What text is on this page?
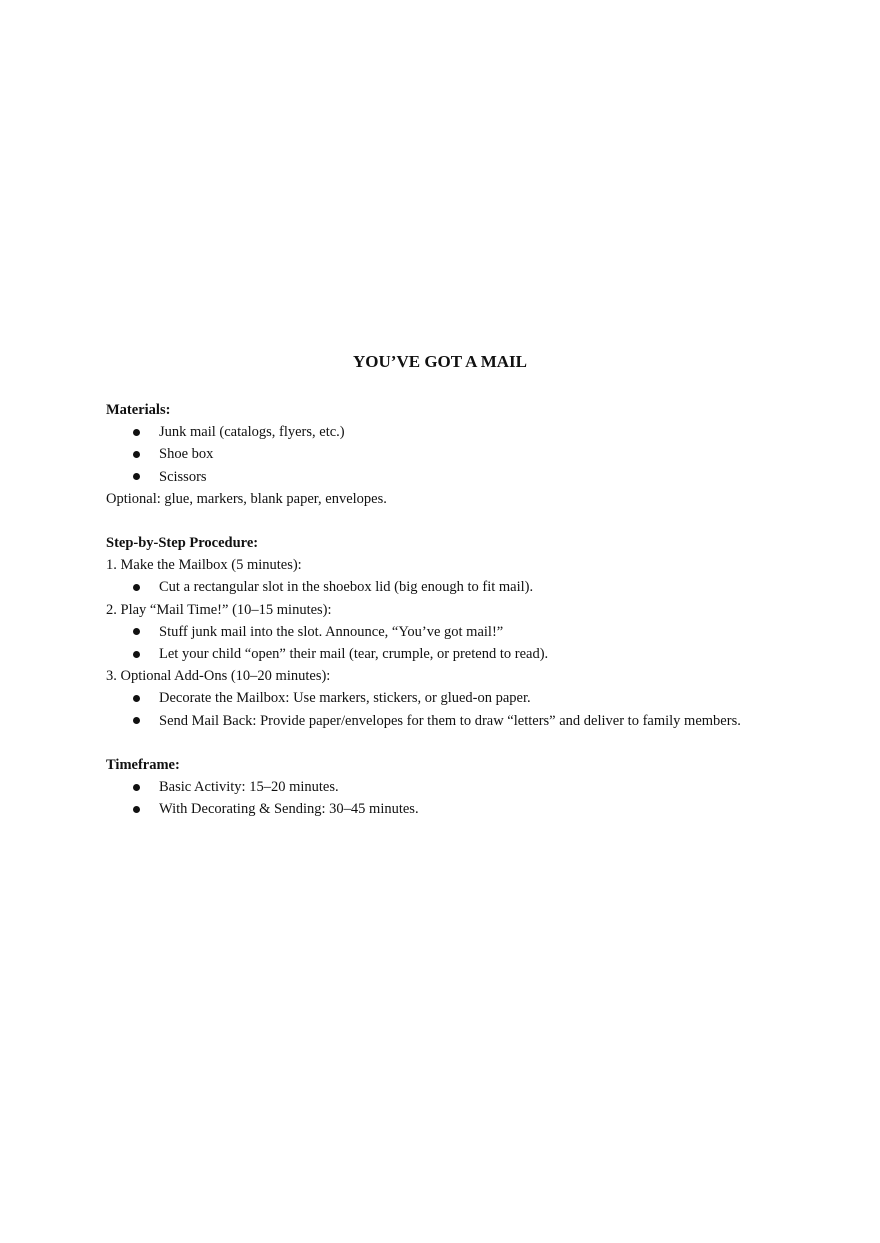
YOU’VE GOT A MAIL

Materials:

Junk mail (catalogs, flyers, etc.)
Shoe box
Scissors

Optional: glue, markers, blank paper, envelopes.

Step-by-Step Procedure:

1. Make the Mailbox (5 minutes):

Cut a rectangular slot in the shoebox lid (big enough to fit mail).

2. Play “Mail Time!” (10–15 minutes):

Stuff junk mail into the slot. Announce, “You’ve got mail!”
Let your child “open” their mail (tear, crumple, or pretend to read).

3. Optional Add-Ons (10–20 minutes):

Decorate the Mailbox: Use markers, stickers, or glued-on paper.
Send Mail Back: Provide paper/envelopes for them to draw “letters” and deliver to family members.

Timeframe:

Basic Activity: 15–20 minutes.
With Decorating & Sending: 30–45 minutes.
